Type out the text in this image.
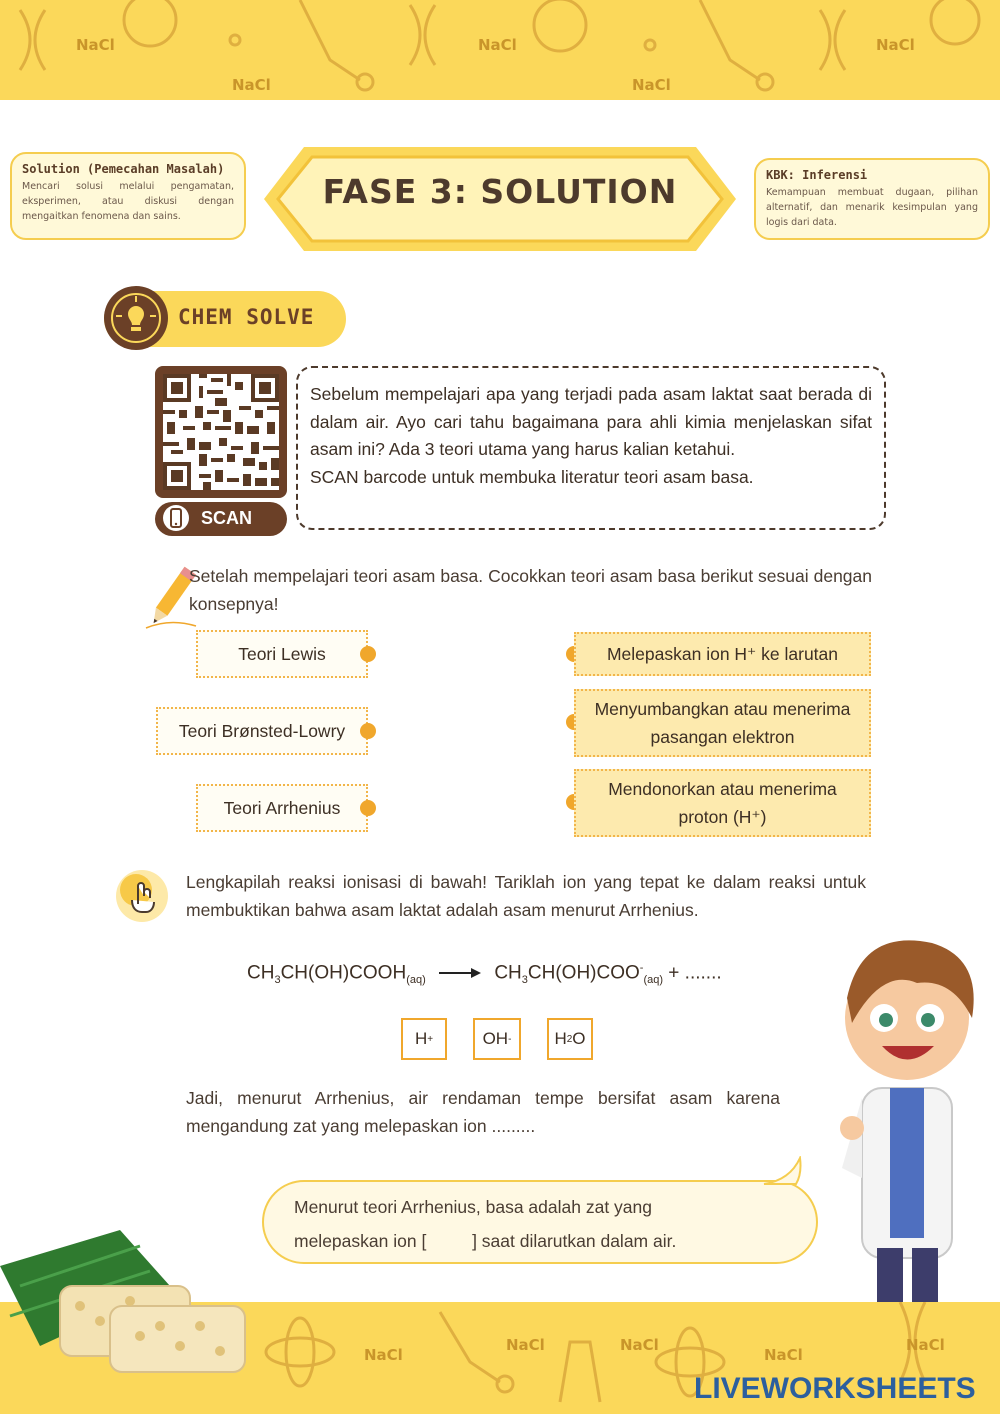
NaCl
NaCl
NaCl
NaCl
NaCl
Solution (Pemecahan Masalah)
Mencari solusi melalui pengamatan, eksperimen, atau diskusi dengan mengaitkan fenomena dan sains.
FASE 3: SOLUTION	KBK: Inferensi
Kemampuan membuat dugaan, pilihan alternatif, dan menarik kesimpulan yang logis dari data.
CHEM SOLVE
SCAN

Sebelum mempelajari apa yang terjadi pada asam laktat saat berada di dalam air. Ayo cari tahu bagaimana para ahli kimia menjelaskan sifat asam ini? Ada 3 teori utama yang harus kalian ketahui.

SCAN barcode untuk membuka literatur teori asam basa.

Setelah mempelajari teori asam basa. Cocokkan teori asam basa berikut sesuai dengan konsepnya!
Teori Lewis
Teori Brønsted-Lowry
Teori Arrhenius
Melepaskan ion H⁺ ke larutan
Menyumbangkan atau menerima pasangan elektron
Mendonorkan atau menerima proton (H⁺)
Lengkapilah reaksi ionisasi di bawah! Tariklah ion yang tepat ke dalam reaksi untuk membuktikan bahwa asam laktat adalah asam menurut Arrhenius.
$CH_3CH(OH)COOH_{(aq)}$	$CH_3CH(OH)COO^-_{(aq)}$ + .......
H +	OH -	H 2 O
Jadi, menurut Arrhenius, air rendaman tempe bersifat asam karena mengandung zat yang melepaskan ion .........

Menurut teori Arrhenius, basa adalah zat yang

melepaskan ion [	] saat dilarutkan dalam air.

NaCl
NaCl	NaCl
NaCl
NaCl
LIVEWORKSHEETS
